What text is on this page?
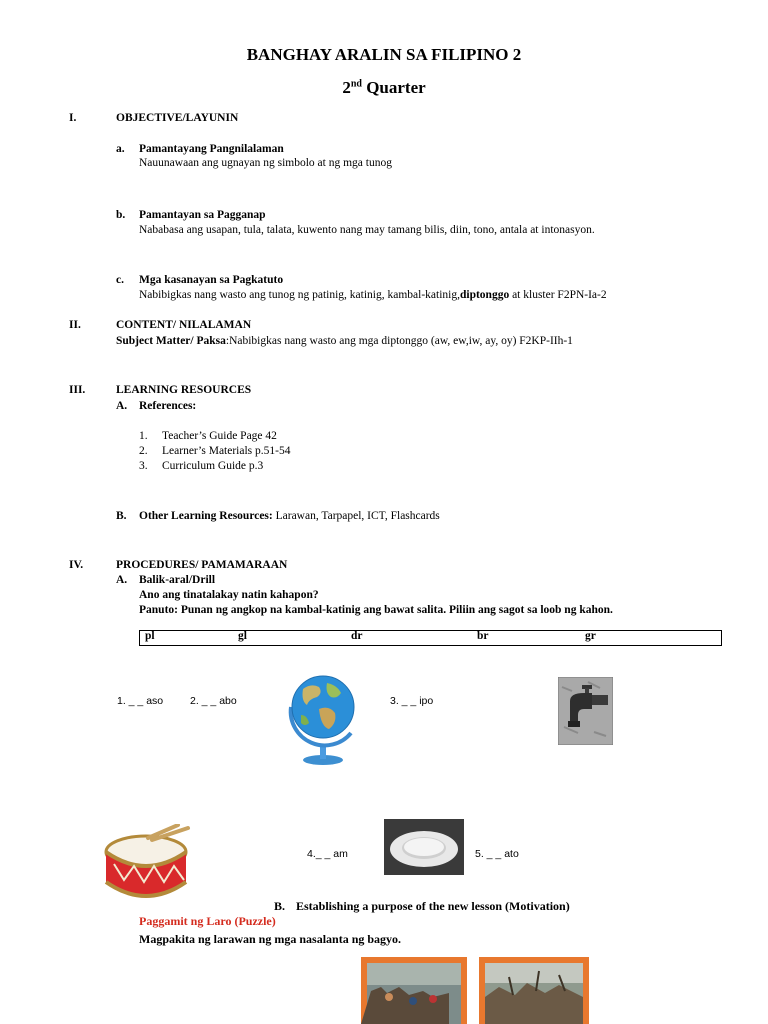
BANGHAY ARALIN SA FILIPINO 2
2nd Quarter
I.	OBJECTIVE/LAYUNIN
a. Pamantayang Pangnilalaman
Nauunawaan ang ugnayan ng simbolo at ng mga tunog
b. Pamantayan sa Pagganap
Nababasa ang usapan, tula, talata, kuwento nang may tamang bilis, diin, tono, antala at intonasyon.
c. Mga kasanayan sa Pagkatuto
Nabibigkas nang wasto ang tunog ng patinig, katinig, kambal-katinig,diptonggo at kluster F2PN-Ia-2
II.	CONTENT/ NILALAMAN
Subject Matter/ Paksa:Nabibigkas nang wasto ang mga diptonggo (aw, ew,iw, ay, oy) F2KP-IIh-1
III.	LEARNING RESOURCES
A. References:
1. Teacher’s Guide Page 42
2. Learner’s Materials p.51-54
3. Curriculum Guide p.3
B. Other Learning Resources: Larawan, Tarpapel, ICT, Flashcards
IV.	PROCEDURES/ PAMAMARAAN
A. Balik-aral/Drill
Ano ang tinatalakay natin kahapon?
Panuto: Punan ng angkop na kambal-katinig ang bawat salita. Piliin ang sagot sa loob ng kahon.
pl	gl	dr	br	gr
1. _ _ aso	2. _ _ abo	3. _ _ ipo
4._ _ am	5. _ _ ato
B. Establishing a purpose of the new lesson (Motivation)
Paggamit ng Laro (Puzzle)
Magpakita ng larawan ng mga nasalanta ng bagyo.
